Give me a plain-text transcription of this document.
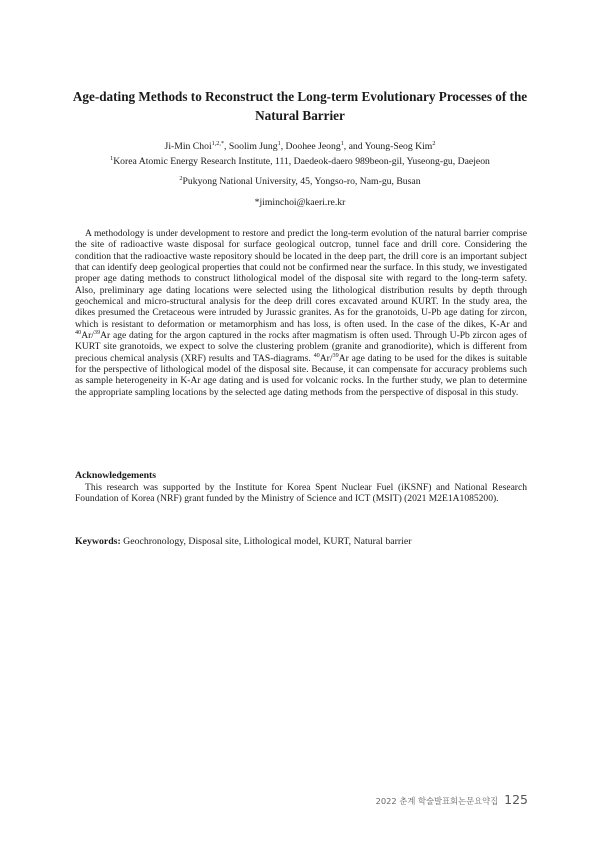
Age-dating Methods to Reconstruct the Long-term Evolutionary Processes of the Natural Barrier
Ji-Min Choi$^{1,2,*}$, Soolim Jung$^1$, Doohee Jeong$^1$, and Young-Seog Kim$^2$
$^1$Korea Atomic Energy Research Institute, 111, Daedeok-daero 989beon-gil, Yuseong-gu, Daejeon
$^2$Pukyong National University, 45, Yongso-ro, Nam-gu, Busan
*jiminchoi@kaeri.re.kr

A methodology is under development to restore and predict the long-term evolution of the natural barrier comprise the site of radioactive waste disposal for surface geological outcrop, tunnel face and drill core. Considering the condition that the radioactive waste repository should be located in the deep part, the drill core is an important subject that can identify deep geological properties that could not be confirmed near the surface. In this study, we investigated proper age dating methods to construct lithological model of the disposal site with regard to the long-term safety. Also, preliminary age dating locations were selected using the lithological distribution results by depth through geochemical and micro-structural analysis for the deep drill cores excavated around KURT. In the study area, the dikes presumed the Cretaceous were intruded by Jurassic granites. As for the granotoids, U-Pb age dating for zircon, which is resistant to deformation or metamorphism and has loss, is often used. In the case of the dikes, K-Ar and $^{40}$Ar/$^{39}$Ar age dating for the argon captured in the rocks after magmatism is often used. Through U-Pb zircon ages of KURT site granotoids, we expect to solve the clustering problem (granite and granodiorite), which is different from precious chemical analysis (XRF) results and TAS-diagrams. $^{40}$Ar/$^{39}$Ar age dating to be used for the dikes is suitable for the perspective of lithological model of the disposal site. Because, it can compensate for accuracy problems such as sample heterogeneity in K-Ar age dating and is used for volcanic rocks. In the further study, we plan to determine the appropriate sampling locations by the selected age dating methods from the perspective of disposal in this study.

Acknowledgements

This research was supported by the Institute for Korea Spent Nuclear Fuel (iKSNF) and National Research Foundation of Korea (NRF) grant funded by the Ministry of Science and ICT (MSIT) (2021 M2E1A1085200).

Keywords: Geochronology, Disposal site, Lithological model, KURT, Natural barrier
2022 춘계 학술발표회논문요약집 125
